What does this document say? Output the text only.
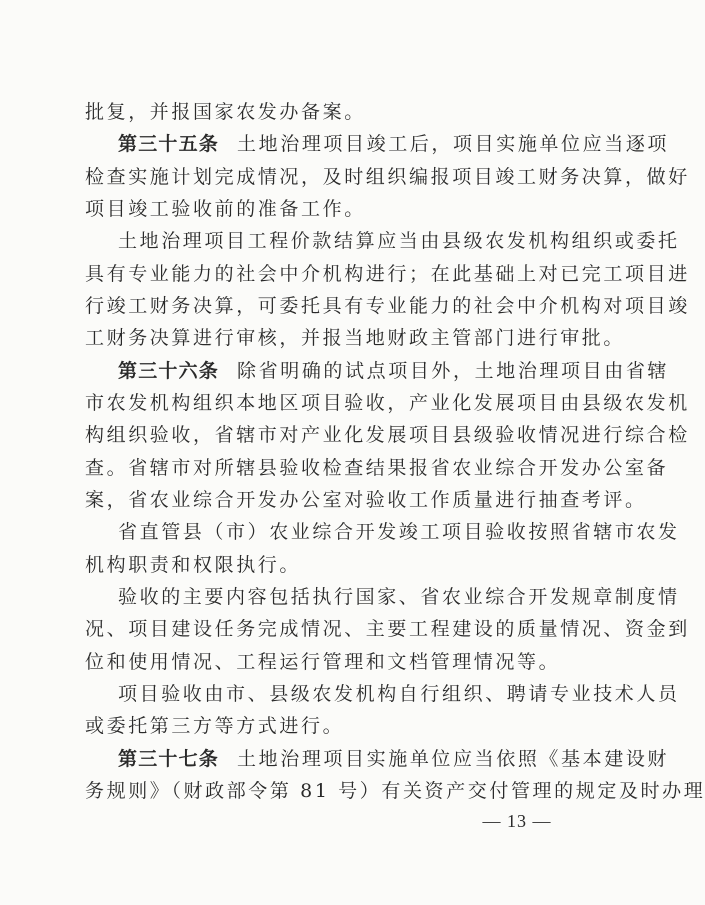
批复，并报国家农发办备案。
第三十五条 土地治理项目竣工后，项目实施单位应当逐项
检查实施计划完成情况，及时组织编报项目竣工财务决算，做好
项目竣工验收前的准备工作。
土地治理项目工程价款结算应当由县级农发机构组织或委托
具有专业能力的社会中介机构进行；在此基础上对已完工项目进
行竣工财务决算，可委托具有专业能力的社会中介机构对项目竣
工财务决算进行审核，并报当地财政主管部门进行审批。
第三十六条 除省明确的试点项目外，土地治理项目由省辖
市农发机构组织本地区项目验收，产业化发展项目由县级农发机
构组织验收，省辖市对产业化发展项目县级验收情况进行综合检
查。省辖市对所辖县验收检查结果报省农业综合开发办公室备
案，省农业综合开发办公室对验收工作质量进行抽查考评。
省直管县（市）农业综合开发竣工项目验收按照省辖市农发
机构职责和权限执行。
验收的主要内容包括执行国家、省农业综合开发规章制度情
况、项目建设任务完成情况、主要工程建设的质量情况、资金到
位和使用情况、工程运行管理和文档管理情况等。
项目验收由市、县级农发机构自行组织、聘请专业技术人员
或委托第三方等方式进行。
第三十七条 土地治理项目实施单位应当依照《基本建设财
务规则》（财政部令第 81 号）有关资产交付管理的规定及时办理
— 13 —
